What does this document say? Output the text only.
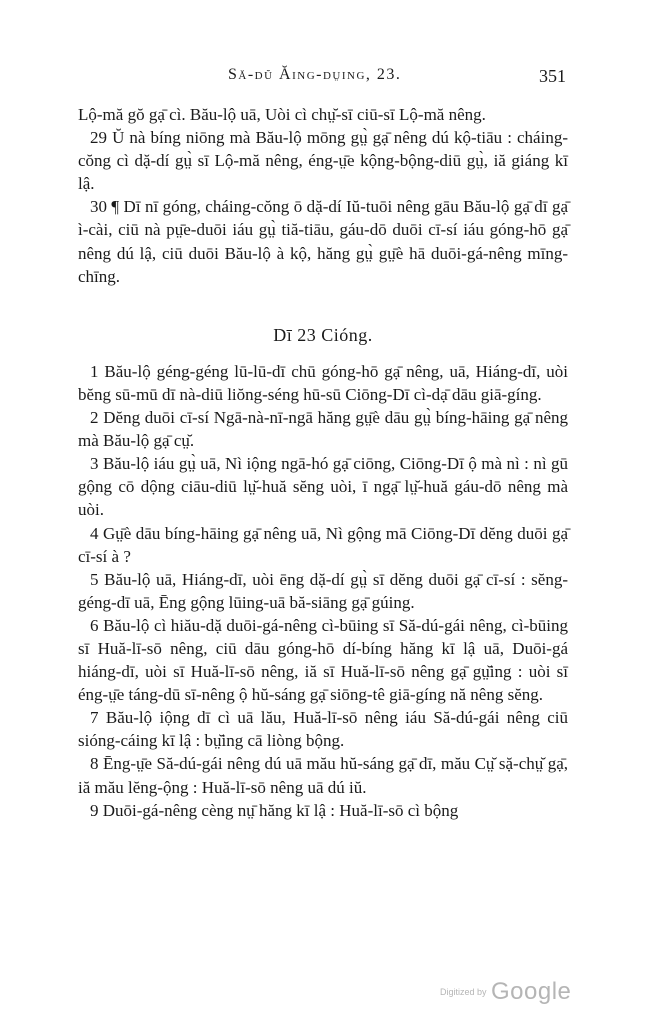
Să-dŭ Ăing-dṳing, 23.	351

Lộ-mă gŏ gạ̄ cì. Bău-lộ uā, Uòi cì chṳ̆-sī ciū-sī Lộ-mă nêng.

29 Ŭ nà bíng niōng mà Bău-lộ mōng gṳ̀ gạ̄ nêng dú kộ-tiāu : cháing-cŏng cì dặ-dí gṳ̀ sī Lộ-mă nêng, éng-ṳ̄e kộng-bộng-diū gṳ̀, iă giáng kī lậ.

30 ¶ Dī nī góng, cháing-cŏng ō dặ-dí Iŭ-tuōi nêng gāu Bău-lộ gạ̄ dī gạ̄ ì-cài, ciū nà pṳ̄e-duōi iáu gṳ̀ tiă-tiāu, gáu-dō duōi cī-sí iáu góng-hō gạ̄ nêng dú lậ, ciū duōi Bău-lộ à kộ, hăng gṳ̀ gṳ̄è hā duōi-gá-nêng mīng-chīng.

Dī 23 Cióng.

1 Bău-lộ géng-géng lū-lū-dī chū góng-hō gạ̄ nêng, uā, Hiáng-dī, uòi bĕng sū-mū dī nà-diū liŏng-séng hū-sū Ciōng-Dī cì-dạ̄ dāu giā-gíng.

2 Dĕng duōi cī-sí Ngā-nà-nī-ngā hăng gṳ̄è dāu gṳ̀ bíng-hāing gạ̄ nêng mà Bău-lộ gạ̄ cṳ̆.

3 Bău-lộ iáu gṳ̀ uā, Nì iộng ngā-hó gạ̄ ciōng, Ciōng-Dī ộ mà nì : nì gū gộng cō dộng ciāu-diū lṳ̆-huă sĕng uòi, ī ngạ̄ lṳ̆-huă gáu-dō nêng mà uòi.

4 Gṳ̄è dāu bíng-hāing gạ̄ nêng uā, Nì gộng mā Ciōng-Dī dĕng duōi gạ̄ cī-sí à ?

5 Bău-lộ uā, Hiáng-dī, uòi ēng dặ-dí gṳ̀ sī dĕng duōi gạ̄ cī-sí : sĕng-géng-dī uā, Ēng gộng lūing-uā bă-siāng gạ̄ gúing.

6 Bău-lộ cì hiău-dặ duōi-gá-nêng cì-būing sī Să-dú-gái nêng, cì-būing sī Huă-lī-sō nêng, ciū dāu góng-hō dí-bíng hăng kī lậ uā, Duōi-gá hiáng-dī, uòi sī Huă-lī-sō nêng, iă sī Huă-lī-sō nêng gạ̄ gṳ̆ing : uòi sī éng-ṳ̄e táng-dū sī-nêng ộ hŭ-sáng gạ̄ siōng-tê giā-gíng nă nêng sĕng.

7 Bău-lộ iộng dī cì uā lău, Huă-lī-sō nêng iáu Să-dú-gái nêng ciū sióng-cáing kī lậ : bṳ̆ing cā liòng bộng.

8 Ēng-ṳ̄e Să-dú-gái nêng dú uā mău hŭ-sáng gạ̄ dī, mău Cṳ̆ sặ-chṳ̆ gạ̄, iă mău lĕng-ộng : Huă-lī-sō nêng uā dú iŭ.

9 Duōi-gá-nêng cèng nṳ̄ hăng kī lậ : Huă-lī-sō cì bộng

Digitized by Google
